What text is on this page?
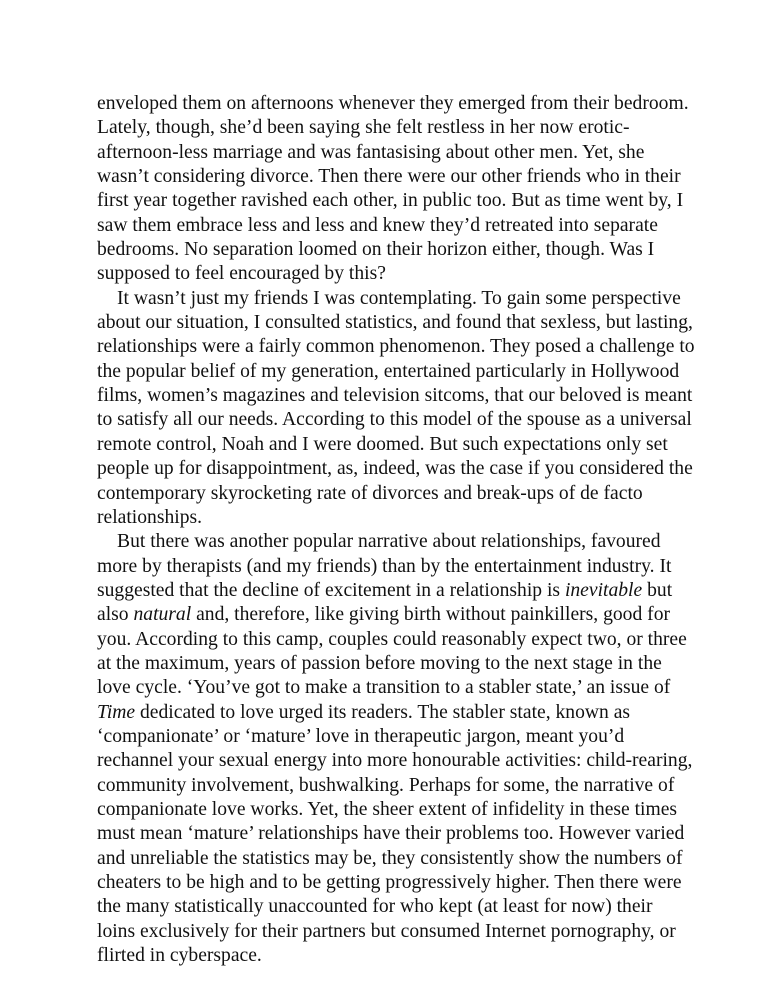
enveloped them on afternoons whenever they emerged from their bedroom.
Lately, though, she’d been saying she felt restless in her now erotic-
afternoon-less marriage and was fantasising about other men. Yet, she
wasn’t considering divorce. Then there were our other friends who in their
first year together ravished each other, in public too. But as time went by, I
saw them embrace less and less and knew they’d retreated into separate
bedrooms. No separation loomed on their horizon either, though. Was I
supposed to feel encouraged by this?
It wasn’t just my friends I was contemplating. To gain some perspective
about our situation, I consulted statistics, and found that sexless, but lasting,
relationships were a fairly common phenomenon. They posed a challenge to
the popular belief of my generation, entertained particularly in Hollywood
films, women’s magazines and television sitcoms, that our beloved is meant
to satisfy all our needs. According to this model of the spouse as a universal
remote control, Noah and I were doomed. But such expectations only set
people up for disappointment, as, indeed, was the case if you considered the
contemporary skyrocketing rate of divorces and break-ups of de facto
relationships.
But there was another popular narrative about relationships, favoured
more by therapists (and my friends) than by the entertainment industry. It
suggested that the decline of excitement in a relationship is inevitable but
also natural and, therefore, like giving birth without painkillers, good for
you. According to this camp, couples could reasonably expect two, or three
at the maximum, years of passion before moving to the next stage in the
love cycle. ‘You’ve got to make a transition to a stabler state,’ an issue of
Time dedicated to love urged its readers. The stabler state, known as
‘companionate’ or ‘mature’ love in therapeutic jargon, meant you’d
rechannel your sexual energy into more honourable activities: child-rearing,
community involvement, bushwalking. Perhaps for some, the narrative of
companionate love works. Yet, the sheer extent of infidelity in these times
must mean ‘mature’ relationships have their problems too. However varied
and unreliable the statistics may be, they consistently show the numbers of
cheaters to be high and to be getting progressively higher. Then there were
the many statistically unaccounted for who kept (at least for now) their
loins exclusively for their partners but consumed Internet pornography, or
flirted in cyberspace.
